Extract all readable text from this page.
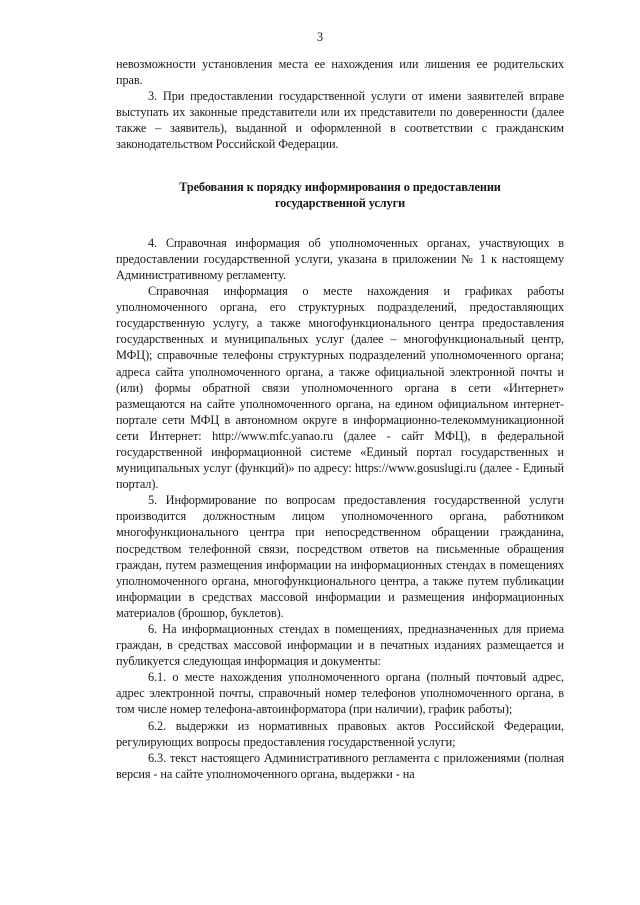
3

невозможности установления места ее нахождения или лишения ее родительских прав.

3. При предоставлении государственной услуги от имени заявителей вправе выступать их законные представители или их представители по доверенности (далее также – заявитель), выданной и оформленной в соответствии с гражданским законодательством Российской Федерации.

Требования к порядку информирования о предоставлении
государственной услуги

4. Справочная информация об уполномоченных органах, участвующих в предоставлении государственной услуги, указана в приложении № 1 к настоящему Административному регламенту.

Справочная информация о месте нахождения и графиках работы уполномоченного органа, его структурных подразделений, предоставляющих государственную услугу, а также многофункционального центра предоставления государственных и муниципальных услуг (далее – многофункциональный центр, МФЦ); справочные телефоны структурных подразделений уполномоченного органа; адреса сайта уполномоченного органа, а также официальной электронной почты и (или) формы обратной связи уполномоченного органа в сети «Интернет» размещаются на сайте уполномоченного органа, на едином официальном интернет-портале сети МФЦ в автономном округе в информационно-телекоммуникационной сети Интернет: http://www.mfc.yanao.ru (далее - сайт МФЦ), в федеральной государственной информационной системе «Единый портал государственных и муниципальных услуг (функций)» по адресу: https://www.gosuslugi.ru (далее - Единый портал).

5. Информирование по вопросам предоставления государственной услуги производится должностным лицом уполномоченного органа, работником многофункционального центра при непосредственном обращении гражданина, посредством телефонной связи, посредством ответов на письменные обращения граждан, путем размещения информации на информационных стендах в помещениях уполномоченного органа, многофункционального центра, а также путем публикации информации в средствах массовой информации и размещения информационных материалов (брошюр, буклетов).

6. На информационных стендах в помещениях, предназначенных для приема граждан, в средствах массовой информации и в печатных изданиях размещается и публикуется следующая информация и документы:

6.1. о месте нахождения уполномоченного органа (полный почтовый адрес, адрес электронной почты, справочный номер телефонов уполномоченного органа, в том числе номер телефона-автоинформатора (при наличии), график работы);

6.2. выдержки из нормативных правовых актов Российской Федерации, регулирующих вопросы предоставления государственной услуги;

6.3. текст настоящего Административного регламента с приложениями (полная версия - на сайте уполномоченного органа, выдержки - на
